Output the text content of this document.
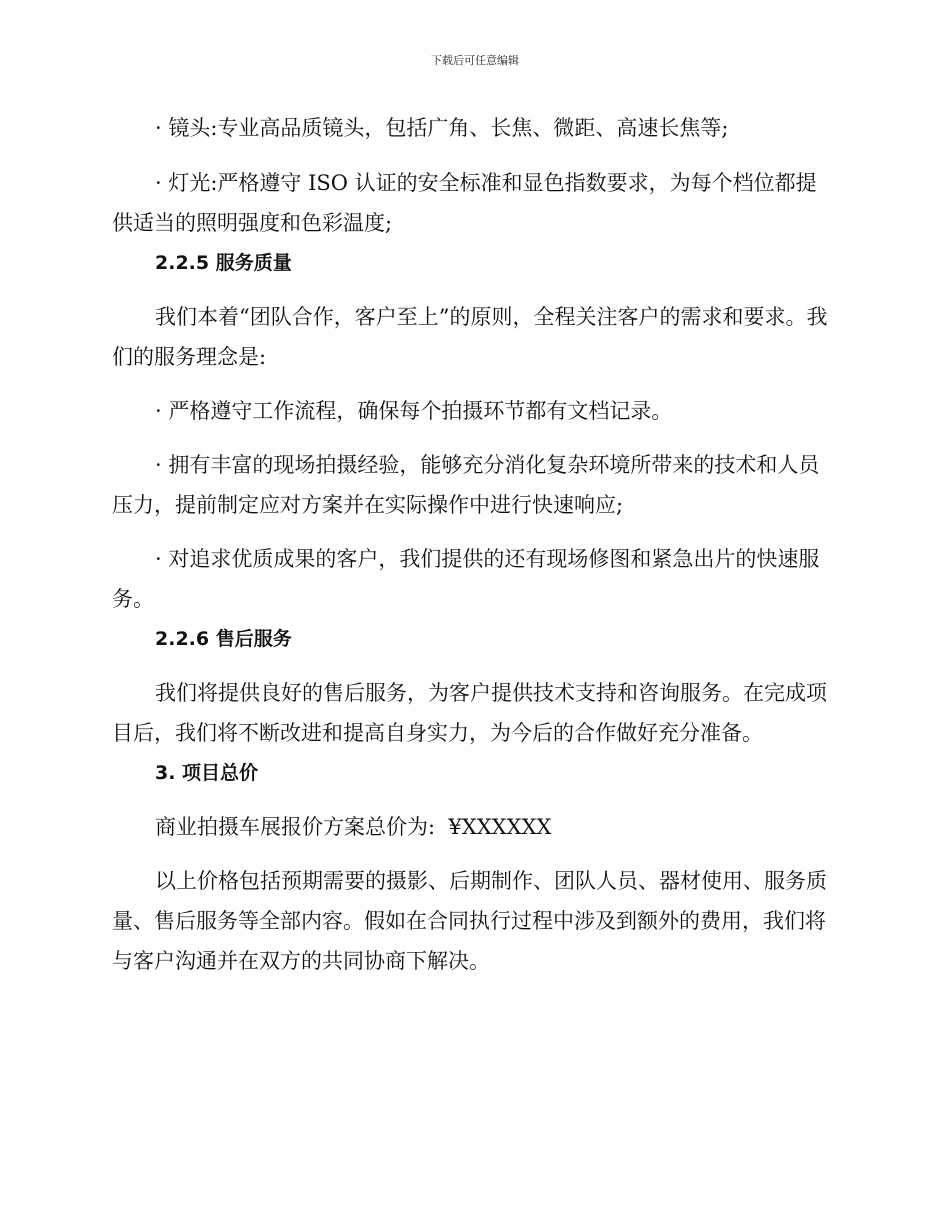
下载后可任意编辑

· 镜头:专业高品质镜头，包括广角、长焦、微距、高速长焦等;

· 灯光:严格遵守 ISO 认证的安全标准和显色指数要求，为每个档位都提供适当的照明强度和色彩温度;

2.2.5 服务质量

我们本着“团队合作，客户至上”的原则，全程关注客户的需求和要求。我们的服务理念是:

· 严格遵守工作流程，确保每个拍摄环节都有文档记录。

· 拥有丰富的现场拍摄经验，能够充分消化复杂环境所带来的技术和人员压力，提前制定应对方案并在实际操作中进行快速响应;

· 对追求优质成果的客户，我们提供的还有现场修图和紧急出片的快速服务。

2.2.6 售后服务

我们将提供良好的售后服务，为客户提供技术支持和咨询服务。在完成项目后，我们将不断改进和提高自身实力，为今后的合作做好充分准备。

3. 项目总价

商业拍摄车展报价方案总价为:  ¥XXXXXX

以上价格包括预期需要的摄影、后期制作、团队人员、器材使用、服务质量、售后服务等全部内容。假如在合同执行过程中涉及到额外的费用，我们将与客户沟通并在双方的共同协商下解决。
